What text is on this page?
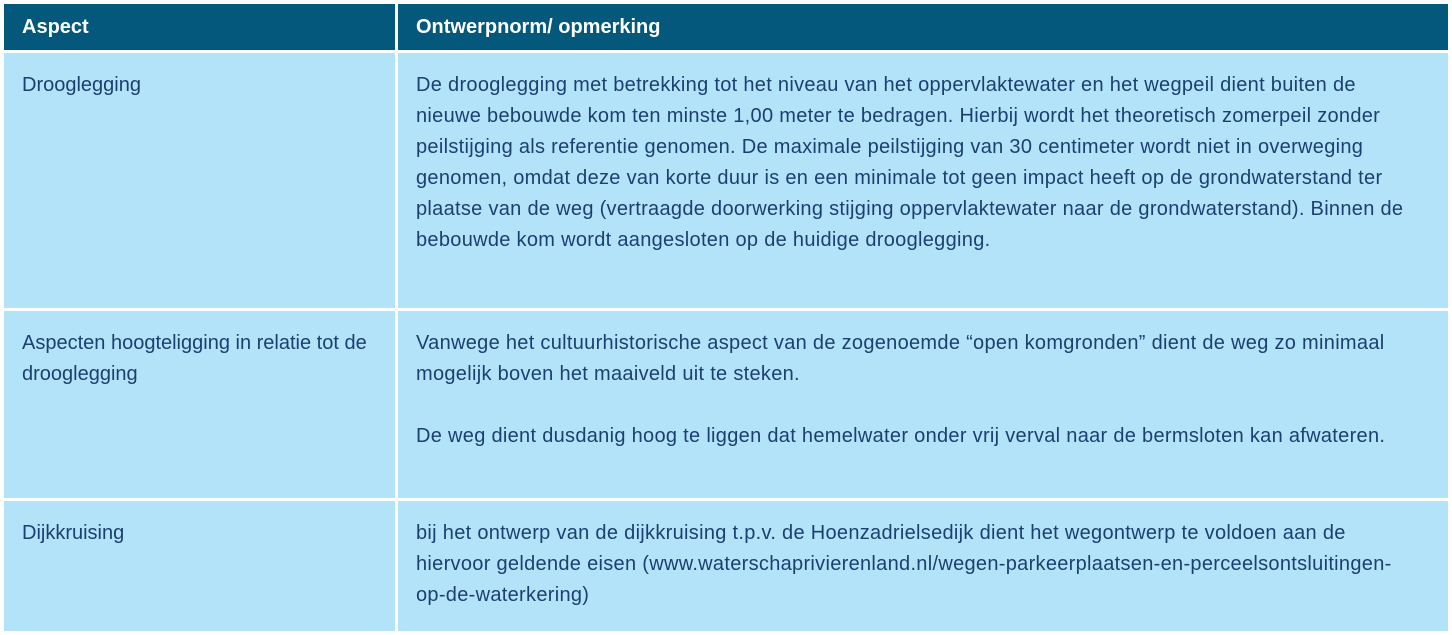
Aspect	Ontwerpnorm/ opmerking
Drooglegging	De drooglegging met betrekking tot het niveau van het oppervlaktewater en het wegpeil dient buiten de nieuwe bebouwde kom ten minste 1,00 meter te bedragen. Hierbij wordt het theoretisch zomerpeil zonder peilstijging als referentie genomen. De maximale peilstijging van 30 centimeter wordt niet in overweging genomen, omdat deze van korte duur is en een minimale tot geen impact heeft op de grondwaterstand ter plaatse van de weg (vertraagde doorwerking stijging oppervlaktewater naar de grondwaterstand). Binnen de bebouwde kom wordt aangesloten op de huidige drooglegging.

Aspecten hoogteligging in relatie tot de drooglegging	Vanwege het cultuurhistorische aspect van de zogenoemde “open komgronden” dient de weg zo minimaal mogelijk boven het maaiveld uit te steken.

De weg dient dusdanig hoog te liggen dat hemelwater onder vrij verval naar de bermsloten kan afwateren.

Dijkkruising	bij het ontwerp van de dijkkruising t.p.v. de Hoenzadrielsedijk dient het wegontwerp te voldoen aan de hiervoor geldende eisen (www.waterschaprivierenland.nl/wegen-parkeerplaatsen-en-perceelsontsluitingen-op-de-waterkering)
